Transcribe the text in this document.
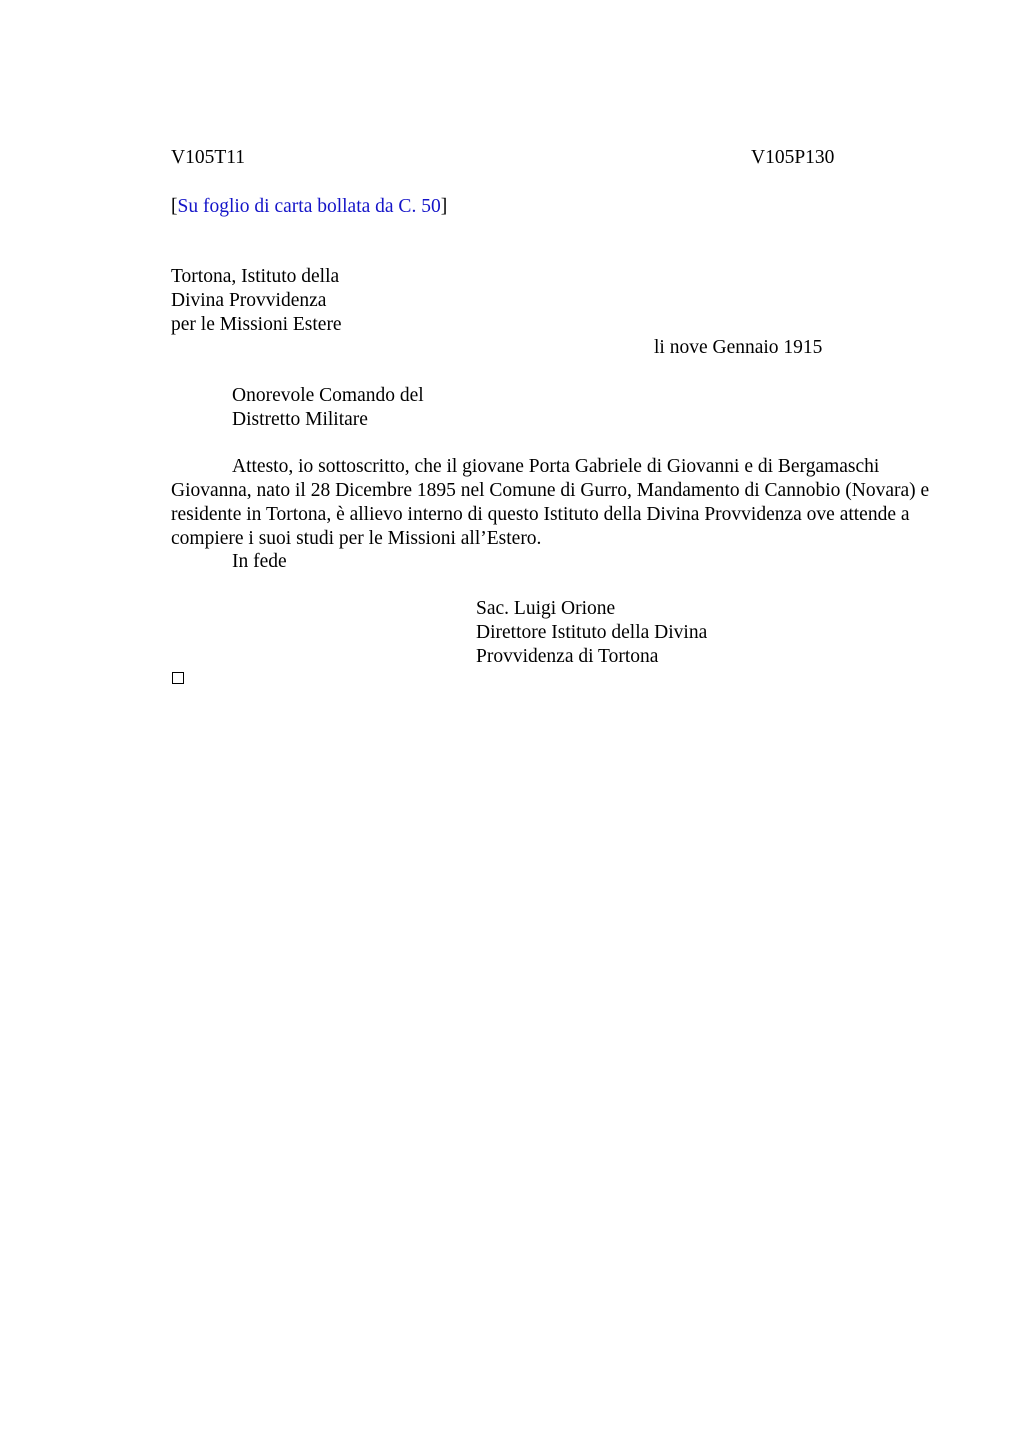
V105T11	V105P130
[Su foglio di carta bollata da C. 50]
Tortona, Istituto della
Divina Provvidenza
per le Missioni Estere
li nove Gennaio 1915
Onorevole Comando del
Distretto Militare

Attesto, io sottoscritto, che il giovane Porta Gabriele di Giovanni e di Bergamaschi Giovanna, nato il 28 Dicembre 1895 nel Comune di Gurro, Mandamento di Cannobio (Novara) e residente in Tortona, è allievo interno di questo Istituto della Divina Provvidenza ove attende a compiere i suoi studi per le Missioni all’Estero.

In fede
Sac. Luigi Orione
Direttore Istituto della Divina
Provvidenza di Tortona
